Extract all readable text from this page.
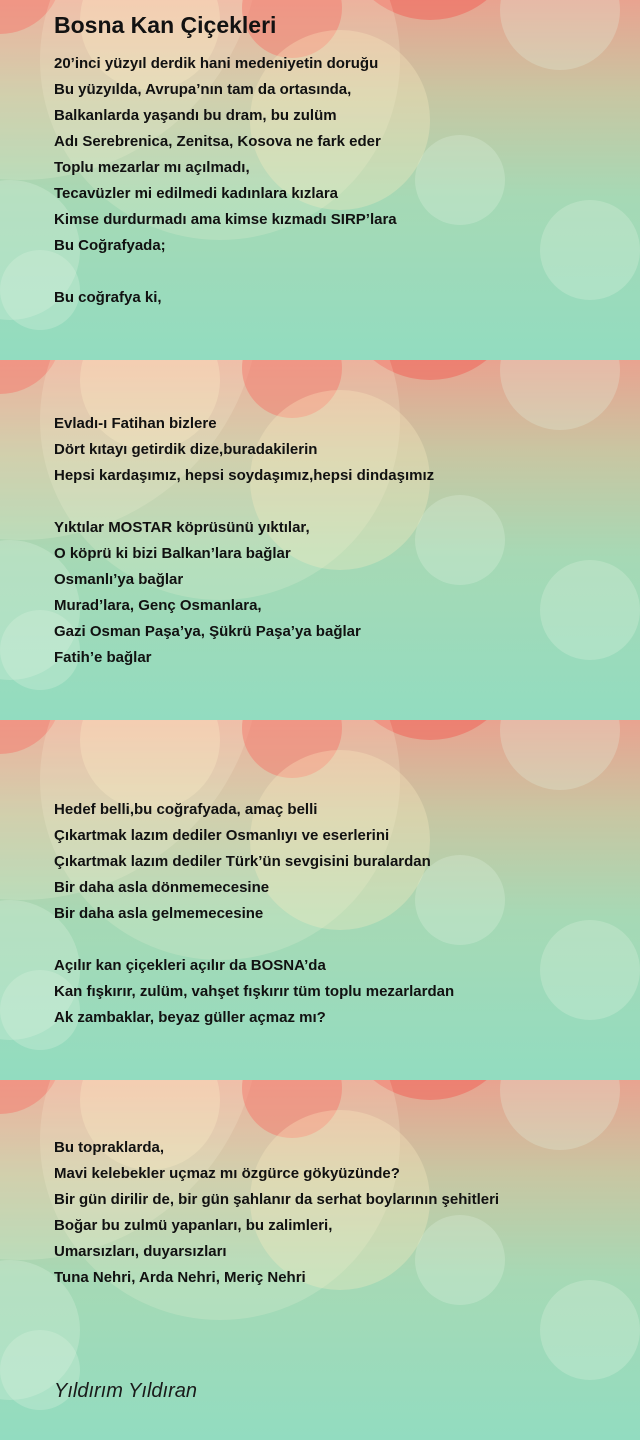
Bosna Kan Çiçekleri
20’inci yüzyıl derdik hani medeniyetin doruğu
Bu yüzyılda, Avrupa’nın tam da ortasında,
Balkanlarda yaşandı bu dram, bu zulüm
Adı Serebrenica, Zenitsa, Kosova ne fark eder
Toplu mezarlar mı açılmadı,
Tecavüzler mi edilmedi kadınlara kızlara
Kimse durdurmadı ama kimse kızmadı SIRP’lara
Bu Coğrafyada;
Bu coğrafya ki,
Evladı-ı Fatihan bizlere
Dört kıtayı getirdik dize,buradakilerin
Hepsi kardaşımız, hepsi soydaşımız,hepsi dindaşımız
Yıktılar MOSTAR köprüsünü yıktılar,
O köprü ki bizi Balkan’lara bağlar
Osmanlı’ya bağlar
Murad’lara, Genç Osmanlara,
Gazi Osman Paşa’ya, Şükrü Paşa’ya bağlar
Fatih’e bağlar
Hedef belli,bu coğrafyada, amaç belli
Çıkartmak lazım dediler Osmanlıyı ve eserlerini
Çıkartmak lazım dediler Türk’ün sevgisini buralardan
Bir daha asla dönmemecesine
Bir daha asla gelmemecesine
Açılır kan çiçekleri açılır da BOSNA’da
Kan fışkırır, zulüm, vahşet fışkırır tüm toplu mezarlardan
Ak zambaklar, beyaz güller açmaz mı?
Bu topraklarda,
Mavi kelebekler uçmaz mı özgürce gökyüzünde?
Bir gün dirilir de, bir gün şahlanır da serhat boylarının şehitleri
Boğar bu zulmü yapanları, bu zalimleri,
Umarsızları, duyarsızları
Tuna Nehri, Arda Nehri, Meriç Nehri
Yıldırım Yıldıran
